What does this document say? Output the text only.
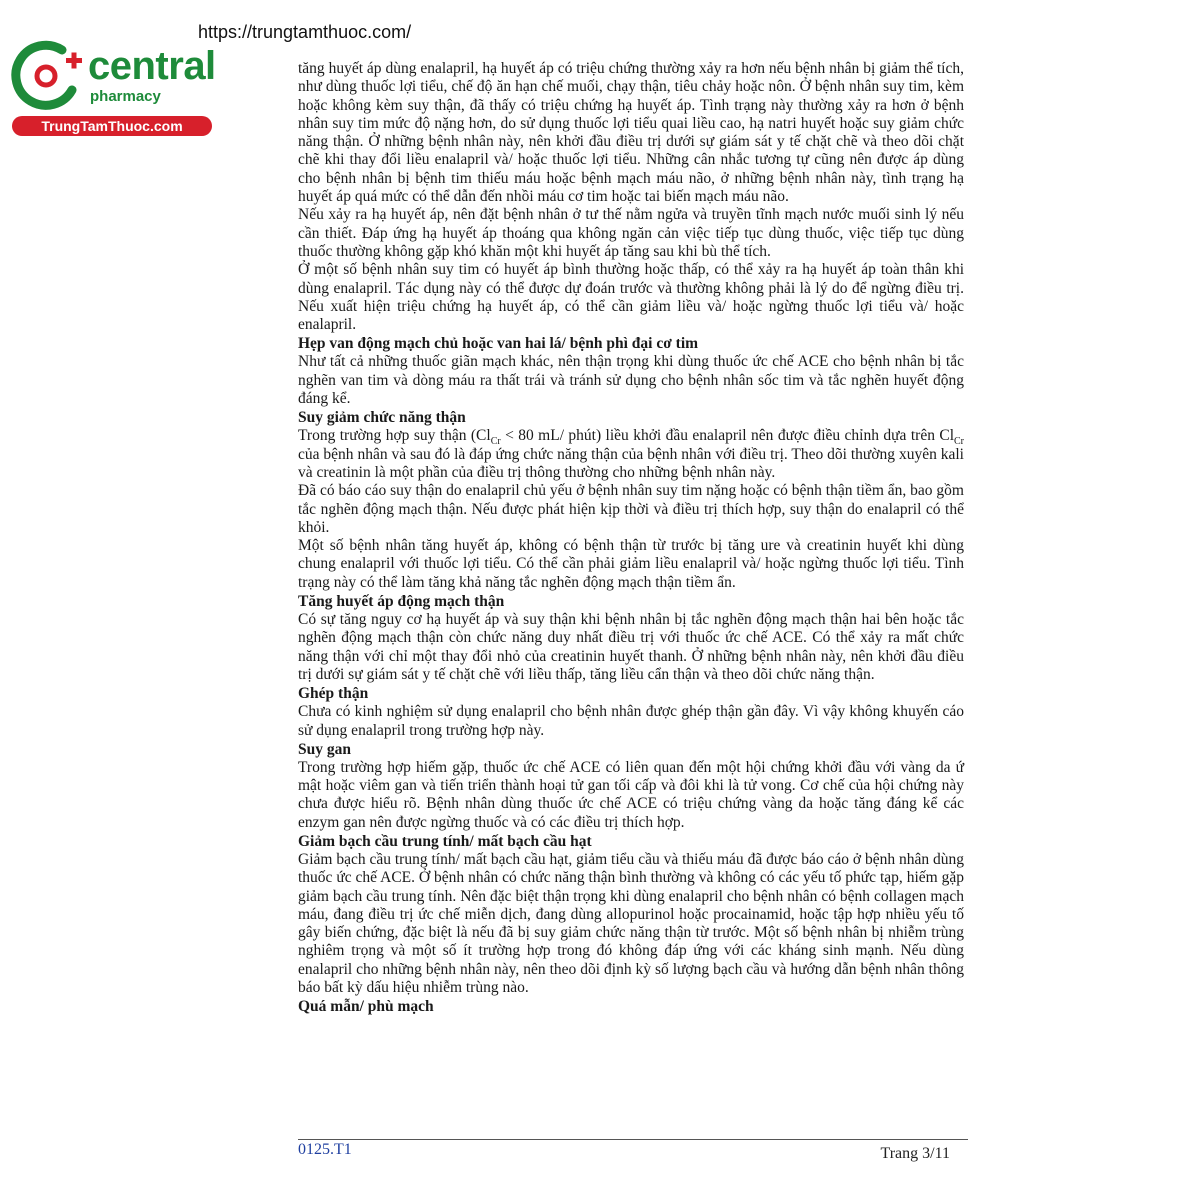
https://trungtamthuoc.com/
central
pharmacy
TrungTamThuoc.com

tăng huyết áp dùng enalapril, hạ huyết áp có triệu chứng thường xảy ra hơn nếu bệnh nhân bị giảm thể tích, như dùng thuốc lợi tiểu, chế độ ăn hạn chế muối, chạy thận, tiêu chảy hoặc nôn. Ở bệnh nhân suy tim, kèm hoặc không kèm suy thận, đã thấy có triệu chứng hạ huyết áp. Tình trạng này thường xảy ra hơn ở bệnh nhân suy tim mức độ nặng hơn, do sử dụng thuốc lợi tiểu quai liều cao, hạ natri huyết hoặc suy giảm chức năng thận. Ở những bệnh nhân này, nên khởi đầu điều trị dưới sự giám sát y tế chặt chẽ và theo dõi chặt chẽ khi thay đổi liều enalapril và/ hoặc thuốc lợi tiểu. Những cân nhắc tương tự cũng nên được áp dùng cho bệnh nhân bị bệnh tim thiếu máu hoặc bệnh mạch máu não, ở những bệnh nhân này, tình trạng hạ huyết áp quá mức có thể dẫn đến nhồi máu cơ tim hoặc tai biến mạch máu não.

Nếu xảy ra hạ huyết áp, nên đặt bệnh nhân ở tư thế nằm ngửa và truyền tĩnh mạch nước muối sinh lý nếu cần thiết. Đáp ứng hạ huyết áp thoáng qua không ngăn cản việc tiếp tục dùng thuốc, việc tiếp tục dùng thuốc thường không gặp khó khăn một khi huyết áp tăng sau khi bù thể tích.

Ở một số bệnh nhân suy tim có huyết áp bình thường hoặc thấp, có thể xảy ra hạ huyết áp toàn thân khi dùng enalapril. Tác dụng này có thể được dự đoán trước và thường không phải là lý do để ngừng điều trị. Nếu xuất hiện triệu chứng hạ huyết áp, có thể cần giảm liều và/ hoặc ngừng thuốc lợi tiểu và/ hoặc enalapril.

Hẹp van động mạch chủ hoặc van hai lá/ bệnh phì đại cơ tim

Như tất cả những thuốc giãn mạch khác, nên thận trọng khi dùng thuốc ức chế ACE cho bệnh nhân bị tắc nghẽn van tim và dòng máu ra thất trái và tránh sử dụng cho bệnh nhân sốc tim và tắc nghẽn huyết động đáng kể.

Suy giảm chức năng thận

Trong trường hợp suy thận ($Cl_{Cr} < 80$ mL/ phút) liều khởi đầu enalapril nên được điều chỉnh dựa trên $Cl_{Cr}$ của bệnh nhân và sau đó là đáp ứng chức năng thận của bệnh nhân với điều trị. Theo dõi thường xuyên kali và creatinin là một phần của điều trị thông thường cho những bệnh nhân này.

Đã có báo cáo suy thận do enalapril chủ yếu ở bệnh nhân suy tim nặng hoặc có bệnh thận tiềm ẩn, bao gồm tắc nghẽn động mạch thận. Nếu được phát hiện kịp thời và điều trị thích hợp, suy thận do enalapril có thể khỏi.

Một số bệnh nhân tăng huyết áp, không có bệnh thận từ trước bị tăng ure và creatinin huyết khi dùng chung enalapril với thuốc lợi tiểu. Có thể cần phải giảm liều enalapril và/ hoặc ngừng thuốc lợi tiểu. Tình trạng này có thể làm tăng khả năng tắc nghẽn động mạch thận tiềm ẩn.

Tăng huyết áp động mạch thận

Có sự tăng nguy cơ hạ huyết áp và suy thận khi bệnh nhân bị tắc nghẽn động mạch thận hai bên hoặc tắc nghẽn động mạch thận còn chức năng duy nhất điều trị với thuốc ức chế ACE. Có thể xảy ra mất chức năng thận với chỉ một thay đổi nhỏ của creatinin huyết thanh. Ở những bệnh nhân này, nên khởi đầu điều trị dưới sự giám sát y tế chặt chẽ với liều thấp, tăng liều cẩn thận và theo dõi chức năng thận.

Ghép thận

Chưa có kinh nghiệm sử dụng enalapril cho bệnh nhân được ghép thận gần đây. Vì vậy không khuyến cáo sử dụng enalapril trong trường hợp này.

Suy gan

Trong trường hợp hiếm gặp, thuốc ức chế ACE có liên quan đến một hội chứng khởi đầu với vàng da ứ mật hoặc viêm gan và tiến triển thành hoại tử gan tối cấp và đôi khi là tử vong. Cơ chế của hội chứng này chưa được hiểu rõ. Bệnh nhân dùng thuốc ức chế ACE có triệu chứng vàng da hoặc tăng đáng kể các enzym gan nên được ngừng thuốc và có các điều trị thích hợp.

Giảm bạch cầu trung tính/ mất bạch cầu hạt

Giảm bạch cầu trung tính/ mất bạch cầu hạt, giảm tiểu cầu và thiếu máu đã được báo cáo ở bệnh nhân dùng thuốc ức chế ACE. Ở bệnh nhân có chức năng thận bình thường và không có các yếu tố phức tạp, hiếm gặp giảm bạch cầu trung tính. Nên đặc biệt thận trọng khi dùng enalapril cho bệnh nhân có bệnh collagen mạch máu, đang điều trị ức chế miễn dịch, đang dùng allopurinol hoặc procainamid, hoặc tập hợp nhiều yếu tố gây biến chứng, đặc biệt là nếu đã bị suy giảm chức năng thận từ trước. Một số bệnh nhân bị nhiễm trùng nghiêm trọng và một số ít trường hợp trong đó không đáp ứng với các kháng sinh mạnh. Nếu dùng enalapril cho những bệnh nhân này, nên theo dõi định kỳ số lượng bạch cầu và hướng dẫn bệnh nhân thông báo bất kỳ dấu hiệu nhiễm trùng nào.

Quá mẫn/ phù mạch
0125.T1	Trang 3/11
